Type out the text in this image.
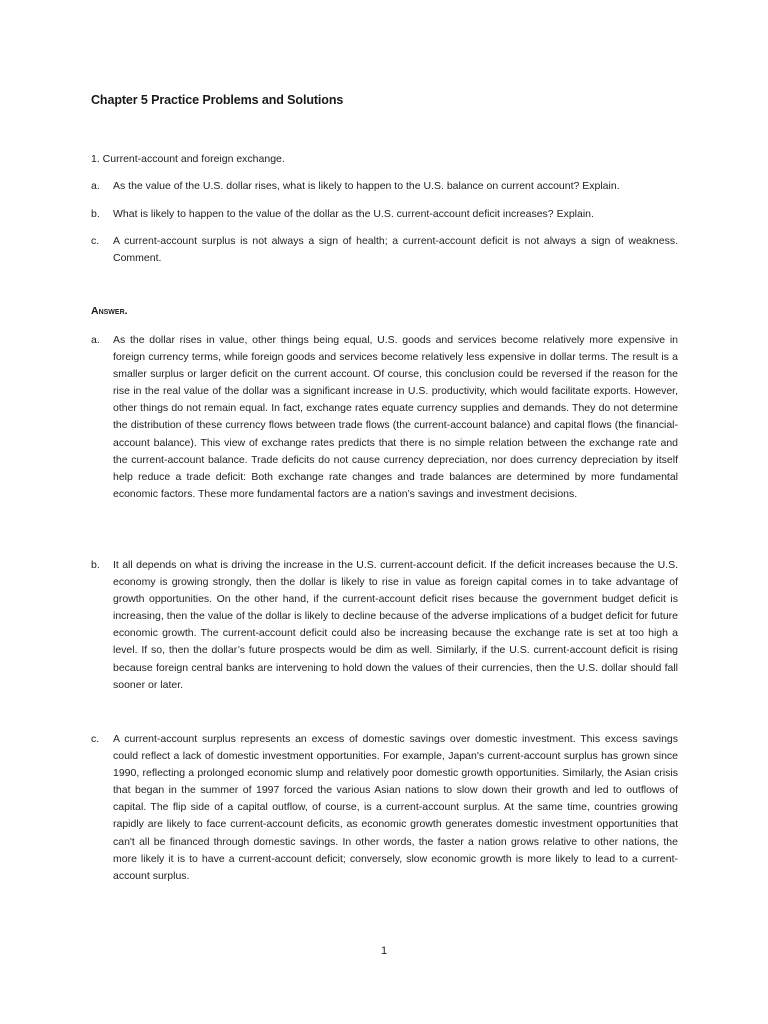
Chapter 5 Practice Problems and Solutions
1. Current-account and foreign exchange.
a.	As the value of the U.S. dollar rises, what is likely to happen to the U.S. balance on current account? Explain.
b.	What is likely to happen to the value of the dollar as the U.S. current-account deficit increases? Explain.
c.	A current-account surplus is not always a sign of health; a current-account deficit is not always a sign of weakness. Comment.
Answer.
a.	As the dollar rises in value, other things being equal, U.S. goods and services become relatively more expensive in foreign currency terms, while foreign goods and services become relatively less expensive in dollar terms. The result is a smaller surplus or larger deficit on the current account. Of course, this conclusion could be reversed if the reason for the rise in the real value of the dollar was a significant increase in U.S. productivity, which would facilitate exports. However, other things do not remain equal. In fact, exchange rates equate currency supplies and demands. They do not determine the distribution of these currency flows between trade flows (the current-account balance) and capital flows (the financial-account balance). This view of exchange rates predicts that there is no simple relation between the exchange rate and the current-account balance. Trade deficits do not cause currency depreciation, nor does currency depreciation by itself help reduce a trade deficit: Both exchange rate changes and trade balances are determined by more fundamental economic factors. These more fundamental factors are a nation’s savings and investment decisions.
b.	It all depends on what is driving the increase in the U.S. current-account deficit. If the deficit increases because the U.S. economy is growing strongly, then the dollar is likely to rise in value as foreign capital comes in to take advantage of growth opportunities. On the other hand, if the current-account deficit rises because the government budget deficit is increasing, then the value of the dollar is likely to decline because of the adverse implications of a budget deficit for future economic growth. The current-account deficit could also be increasing because the exchange rate is set at too high a level. If so, then the dollar’s future prospects would be dim as well. Similarly, if the U.S. current-account deficit is rising because foreign central banks are intervening to hold down the values of their currencies, then the U.S. dollar should fall sooner or later.
c.	A current-account surplus represents an excess of domestic savings over domestic investment. This excess savings could reflect a lack of domestic investment opportunities. For example, Japan's current-account surplus has grown since 1990, reflecting a prolonged economic slump and relatively poor domestic growth opportunities. Similarly, the Asian crisis that began in the summer of 1997 forced the various Asian nations to slow down their growth and led to outflows of capital. The flip side of a capital outflow, of course, is a current-account surplus. At the same time, countries growing rapidly are likely to face current-account deficits, as economic growth generates domestic investment opportunities that can't all be financed through domestic savings. In other words, the faster a nation grows relative to other nations, the more likely it is to have a current-account deficit; conversely, slow economic growth is more likely to lead to a current-account surplus.
1
